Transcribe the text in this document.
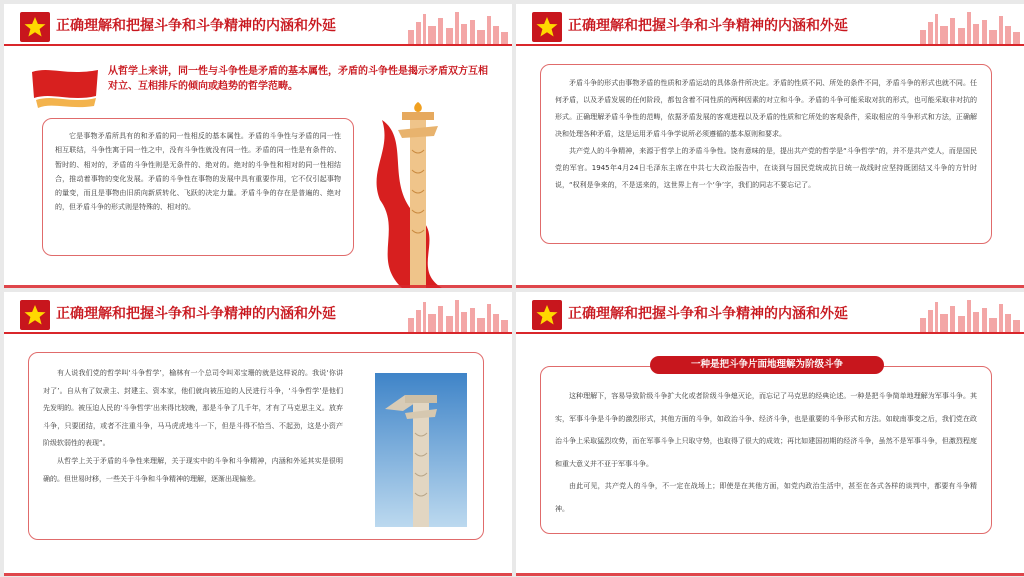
正确理解和把握斗争和斗争精神的内涵和外延

从哲学上来讲，同一性与斗争性是矛盾的基本属性，矛盾的斗争性是揭示矛盾双方互相对立、互相排斥的倾向或趋势的哲学范畴。

它是事物矛盾所具有的和矛盾的同一性相反的基本属性。矛盾的斗争性与矛盾的同一性相互联结，斗争性寓于同一性之中，没有斗争性就没有同一性。矛盾的同一性是有条件的、暂时的、相对的，矛盾的斗争性则是无条件的、绝对的。绝对的斗争性和相对的同一性相结合，推动着事物的变化发展。矛盾的斗争性在事物的发展中具有重要作用，它不仅引起事物的量变，而且是事物由旧质向新质转化、飞跃的决定力量。矛盾斗争的存在是普遍的、绝对的，但矛盾斗争的形式则是特殊的、相对的。

正确理解和把握斗争和斗争精神的内涵和外延

矛盾斗争的形式由事物矛盾的性质和矛盾运动的具体条件所决定。矛盾的性质不同、所处的条件不同，矛盾斗争的形式也就不同。任何矛盾，以及矛盾发展的任何阶段，都包含着不同性质的两种因素的对立和斗争。矛盾的斗争可能采取对抗的形式，也可能采取非对抗的形式。正确理解矛盾斗争性的范畴，依据矛盾发展的客观进程以及矛盾的性质和它所处的客观条件，采取相应的斗争形式和方法，正确解决和处理各种矛盾，这是运用矛盾斗争学说所必须遵循的基本原则和要求。

共产党人的斗争精神，来源于哲学上的矛盾斗争性。饶有意味的是，提出共产党的哲学是“斗争哲学”的，并不是共产党人，而是国民党的军官。1945年4月24日毛泽东主席在中共七大政治报告中，在谈到与国民党统成抗日统一战线时应坚持既团结又斗争的方针时说，“权利是争来的，不是送来的，这世界上有一个‘争’字，我们的同志不要忘记了。

正确理解和把握斗争和斗争精神的内涵和外延

有人说我们党的哲学叫‘斗争哲学’，榆林有一个总司令叫邓宝珊的就是这样说的。我说‘你讲对了’。自从有了奴隶主、封建主、资本家，他们就向被压迫的人民进行斗争，‘斗争哲学’是他们先发明的。被压迫人民的‘斗争哲学’出来得比较晚，那是斗争了几千年，才有了马克思主义。放弃斗争，只要团结，或者不注重斗争，马马虎虎地斗一下，但是斗得不恰当、不起劲，这是小资产阶级软弱性的表现”。

从哲学上关于矛盾的斗争性来理解，关于现实中的斗争和斗争精神，内涵和外延其实是很明确的。但世易时移，一些关于斗争和斗争精神的理解，逐渐出现偏差。

正确理解和把握斗争和斗争精神的内涵和外延

这种理解下，容易导致阶级斗争扩大化或者阶级斗争熄灭论，而忘记了马克思的经典论述。一种是把斗争简单地理解为军事斗争。其实，军事斗争是斗争的激烈形式，其他方面的斗争，如政治斗争、经济斗争，也是重要的斗争形式和方法。如皖南事变之后，我们党在政治斗争上采取猛烈攻势，而在军事斗争上只取守势，也取得了很大的成效；再比如建国初期的经济斗争，虽然不是军事斗争，但激烈程度和重大意义并不亚于军事斗争。

由此可见，共产党人的斗争，不一定在战场上；即使是在其他方面，如党内政治生活中，甚至在各式各样的谈判中，都要有斗争精神。

一种是把斗争片面地理解为阶级斗争
